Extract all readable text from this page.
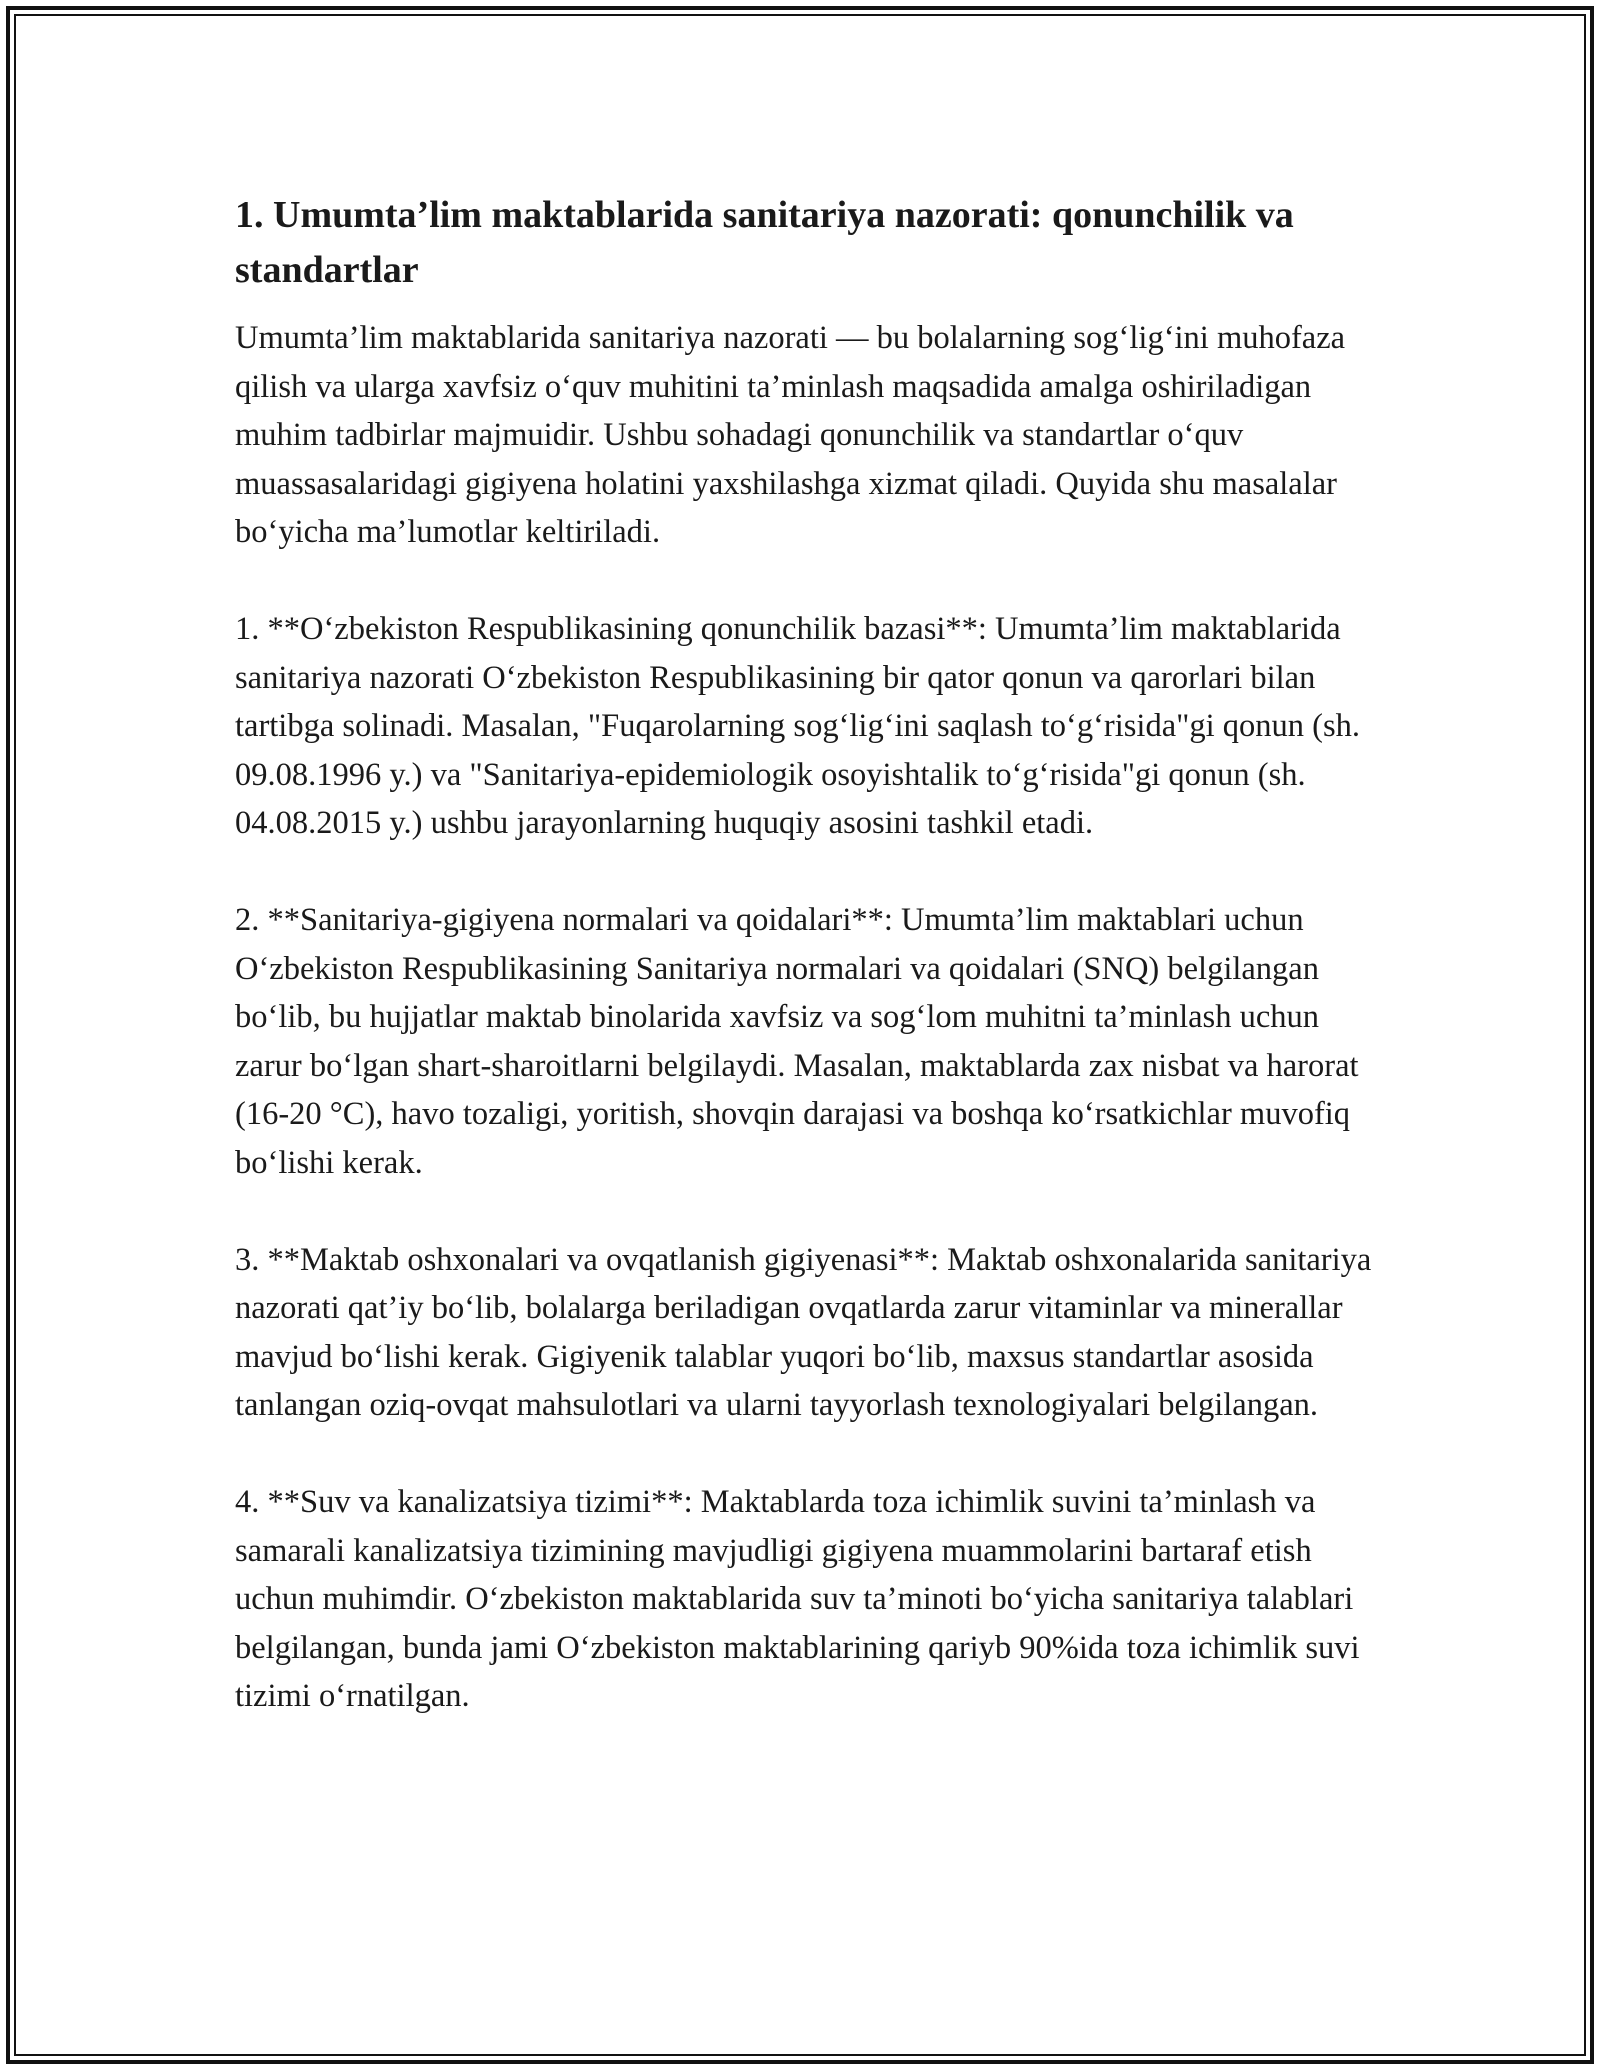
1. Umumta’lim maktablarida sanitariya nazorati: qonunchilik va standartlar

Umumta’lim maktablarida sanitariya nazorati — bu bolalarning sog‘lig‘ini muhofaza qilish va ularga xavfsiz o‘quv muhitini ta’minlash maqsadida amalga oshiriladigan muhim tadbirlar majmuidir. Ushbu sohadagi qonunchilik va standartlar o‘quv muassasalaridagi gigiyena holatini yaxshilashga xizmat qiladi. Quyida shu masalalar bo‘yicha ma’lumotlar keltiriladi.

1. **O‘zbekiston Respublikasining qonunchilik bazasi**: Umumta’lim maktablarida sanitariya nazorati O‘zbekiston Respublikasining bir qator qonun va qarorlari bilan tartibga solinadi. Masalan, "Fuqarolarning sog‘lig‘ini saqlash to‘g‘risida"gi qonun (sh. 09.08.1996 y.) va "Sanitariya-epidemiologik osoyishtalik to‘g‘risida"gi qonun (sh. 04.08.2015 y.) ushbu jarayonlarning huquqiy asosini tashkil etadi.

2. **Sanitariya-gigiyena normalari va qoidalari**: Umumta’lim maktablari uchun O‘zbekiston Respublikasining Sanitariya normalari va qoidalari (SNQ) belgilangan bo‘lib, bu hujjatlar maktab binolarida xavfsiz va sog‘lom muhitni ta’minlash uchun zarur bo‘lgan shart-sharoitlarni belgilaydi. Masalan, maktablarda zax nisbat va harorat (16-20 °C), havo tozaligi, yoritish, shovqin darajasi va boshqa ko‘rsatkichlar muvofiq bo‘lishi kerak.

3. **Maktab oshxonalari va ovqatlanish gigiyenasi**: Maktab oshxonalarida sanitariya nazorati qat’iy bo‘lib, bolalarga beriladigan ovqatlarda zarur vitaminlar va minerallar mavjud bo‘lishi kerak. Gigiyenik talablar yuqori bo‘lib, maxsus standartlar asosida tanlangan oziq-ovqat mahsulotlari va ularni tayyorlash texnologiyalari belgilangan.

4. **Suv va kanalizatsiya tizimi**: Maktablarda toza ichimlik suvini ta’minlash va samarali kanalizatsiya tizimining mavjudligi gigiyena muammolarini bartaraf etish uchun muhimdir. O‘zbekiston maktablarida suv ta’minoti bo‘yicha sanitariya talablari belgilangan, bunda jami O‘zbekiston maktablarining qariyb 90%ida toza ichimlik suvi tizimi o‘rnatilgan.
